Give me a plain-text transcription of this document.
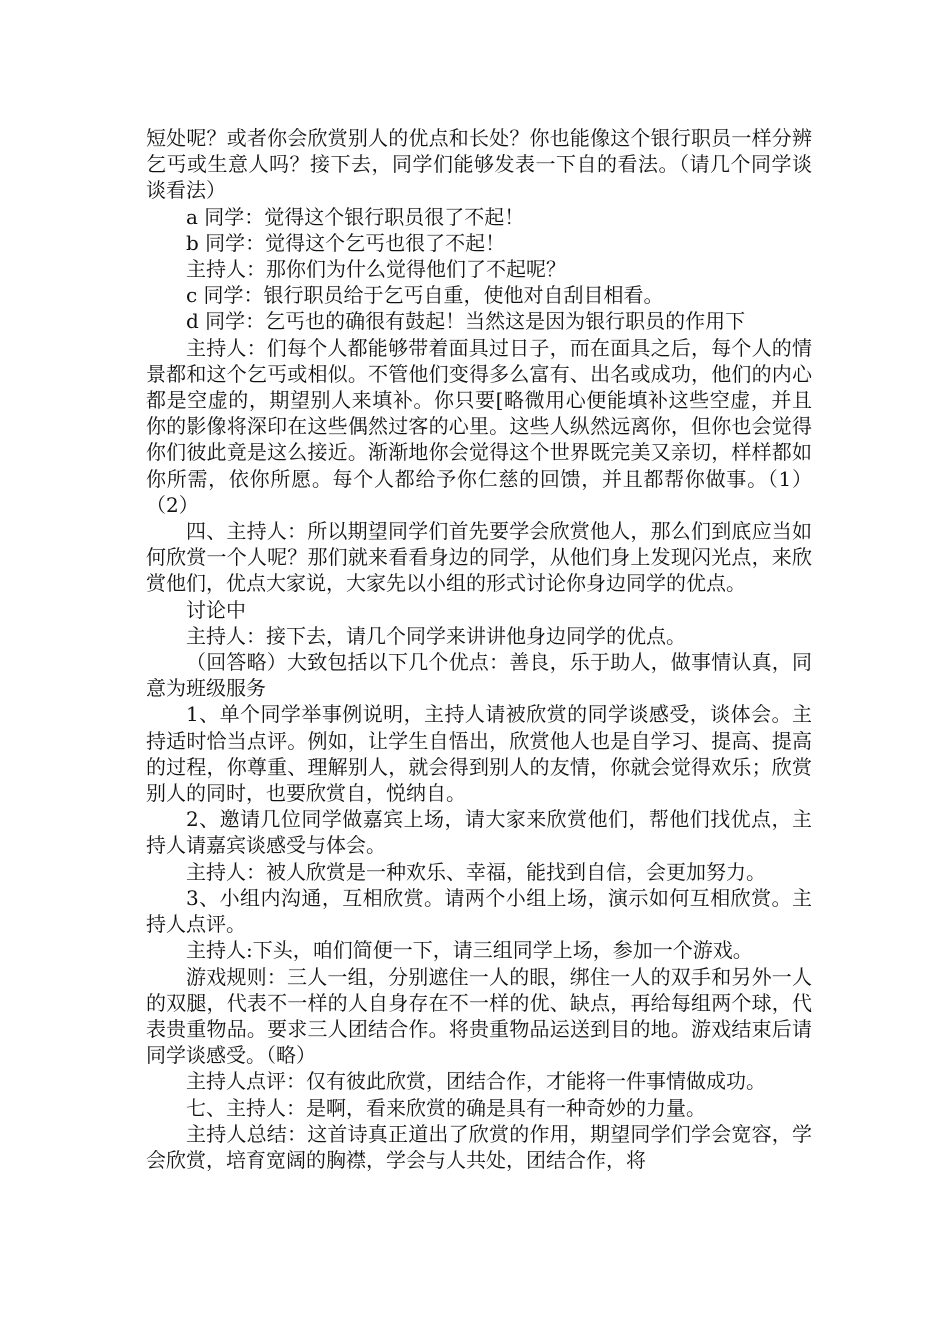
短处呢？或者你会欣赏别人的优点和长处？你也能像这个银行职员一样分辨乞丐或生意人吗？接下去，同学们能够发表一下自的看法。（请几个同学谈谈看法）

a 同学：觉得这个银行职员很了不起！

b 同学：觉得这个乞丐也很了不起！

主持人：那你们为什么觉得他们了不起呢？

c 同学：银行职员给于乞丐自重，使他对自刮目相看。

d 同学：乞丐也的确很有鼓起！当然这是因为银行职员的作用下

主持人：们每个人都能够带着面具过日子，而在面具之后，每个人的情景都和这个乞丐或相似。不管他们变得多么富有、出名或成功，他们的内心都是空虚的，期望别人来填补。你只要[略微用心便能填补这些空虚，并且你的影像将深印在这些偶然过客的心里。这些人纵然远离你，但你也会觉得你们彼此竟是这么接近。渐渐地你会觉得这个世界既完美又亲切，样样都如你所需，依你所愿。每个人都给予你仁慈的回馈，并且都帮你做事。（1）（2）

四、主持人：所以期望同学们首先要学会欣赏他人，那么们到底应当如何欣赏一个人呢？那们就来看看身边的同学，从他们身上发现闪光点，来欣赏他们，优点大家说，大家先以小组的形式讨论你身边同学的优点。

讨论中

主持人：接下去，请几个同学来讲讲他身边同学的优点。

（回答略）大致包括以下几个优点：善良，乐于助人，做事情认真，同意为班级服务

1、单个同学举事例说明，主持人请被欣赏的同学谈感受，谈体会。主持适时恰当点评。例如，让学生自悟出，欣赏他人也是自学习、提高、提高的过程，你尊重、理解别人，就会得到别人的友情，你就会觉得欢乐；欣赏别人的同时，也要欣赏自，悦纳自。

2、邀请几位同学做嘉宾上场，请大家来欣赏他们，帮他们找优点，主持人请嘉宾谈感受与体会。

主持人：被人欣赏是一种欢乐、幸福，能找到自信，会更加努力。

3、小组内沟通，互相欣赏。请两个小组上场，演示如何互相欣赏。主持人点评。

主持人:下头，咱们简便一下，请三组同学上场，参加一个游戏。

游戏规则：三人一组，分别遮住一人的眼，绑住一人的双手和另外一人的双腿，代表不一样的人自身存在不一样的优、缺点，再给每组两个球，代表贵重物品。要求三人团结合作。将贵重物品运送到目的地。游戏结束后请同学谈感受。（略）

主持人点评：仅有彼此欣赏，团结合作，才能将一件事情做成功。

七、主持人：是啊，看来欣赏的确是具有一种奇妙的力量。

主持人总结：这首诗真正道出了欣赏的作用，期望同学们学会宽容，学会欣赏，培育宽阔的胸襟，学会与人共处，团结合作，将
